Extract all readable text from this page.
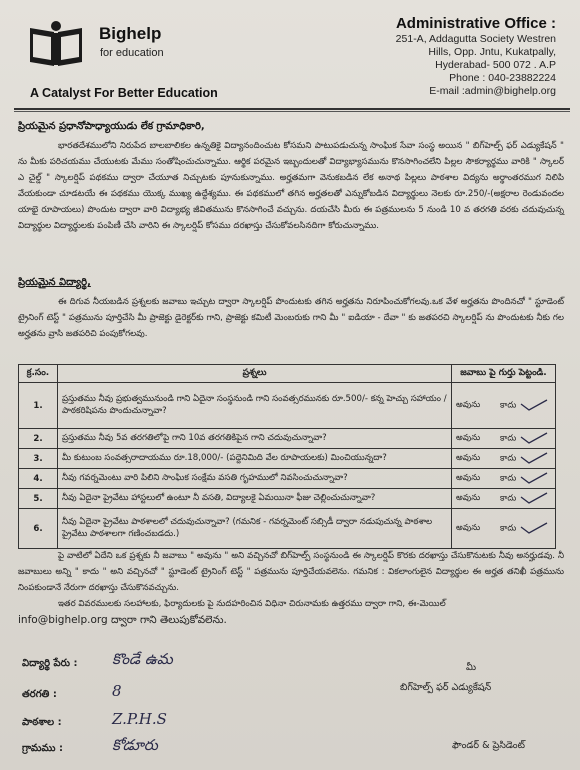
Bighelp
for education
A Catalyst For Better Education
Administrative Office :
251-A, Addagutta Society Westren
Hills, Opp. Jntu, Kukatpally,
Hyderabad- 500 072 . A.P
Phone : 040-23882224
E-mail :admin@bighelp.org
ప్రియమైన ప్రధానోపాధ్యాయుడు లేక గ్రామాధికారి,

భారతదేశములోని నిరుపేద బాలబాలికల ఉన్నతికై విద్యానందించుట కోసమని పాటుపడుచున్న సాంఘిక సేవా సంస్థ అయిన " బిగ్‌హెల్ప్ ఫర్ ఎడ్యుకేషన్ " ను మీకు పరిచయము చేయుటకు మేము సంతోషించుచున్నాము. ఆర్థిక పరమైన ఇబ్బందులతో విద్యాభ్యాసమును కొనసాగించలేని పిల్లల సౌకర్యార్థము వారికి " స్కాలర్ ఎ చైల్డ్ " స్కాలర్షిప్ పథకము ద్వారా చేయూత నిచ్చుటకు పూనుకున్నాము. అర్హతమగా వెనుకబడిన లేక అనాథ పిల్లలు పాఠశాల విద్యను అర్థాంతరముగ నిలిపి వేయకుండా చూడటయే ఈ పథకము యొక్క ముఖ్య ఉద్దేశ్యము. ఈ పథకములో తగిన అర్హతలతో ఎన్నుకోబడిన విద్యార్థులు నెలకు రూ.250/-(అక్షరాల రెండువందల యాభై రూపాయలు) పొందుట ద్వారా వారి విద్యాభ్య జీవితమును కొనసాగించే వచ్చును. దయచేసి మీరు ఈ పత్రములను 5 నుండి 10 వ తరగతి వరకు చదువుచున్న విద్యార్థుల విద్యార్థులకు పంపిణీ చేసి వారిని ఈ స్కాలర్షిప్ కోసము దరఖాస్తు చేసుకోవలసినదిగా కోరుచున్నాము.

ప్రియమైన విద్యార్థి,

ఈ దిగువ నీయబడిన ప్రశ్నలకు జవాబు ఇచ్చుట ద్వారా స్కాలర్షిప్ పొందుటకు తగిన అర్హతను నిరూపించుకోగలవు.ఒక వేళ అర్హతను పొందినచో " స్టూడెంట్ ట్రైనింగ్ టెస్ట్ " పత్రమును పూర్తిచేసి మీ ప్రాజెక్టు డైరెక్టర్‌కు గాని, ప్రాజెక్టు కమిటీ మెంబరుకు గాని మీ " ఐడియా - దేవా " కు జతపరచి స్కాలర్షిప్ ను పొందుటకు నీకు గల అర్హతను వ్రాసి జతపరిచి పంపుకోగలవు.

క్ర.సం.	ప్రశ్నలు	జవాబు పై గుర్తు పెట్టండి.
1.	ప్రస్తుతము నీవు ప్రభుత్వమునుండి గాని ఏదైనా సంస్థనుండి గాని సంవత్సరమునకు రూ.500/- కన్న హెచ్చు సహాయం / పాఠకరిషిపను పొందుచున్నావా?	అవును కాదు
2.	ప్రస్తుతము నీవు 5వ తరగతిలోపై గాని 10వ తరగతికిపైన గాని చదువుచున్నావా?	అవును కాదు
3.	మీ కుటుంబ సంవత్సరాదాయము రూ.18,000/- (పద్దెనిమిది వేల రూపాయలకు) మించియున్నదా?	అవును కాదు
4.	నీవు గవర్నమెంటు వారి పిలిని సాంఘిక సంక్షేమ వసతి గృహములో నివసించుచున్నావా?	అవును కాదు
5.	నీవు ఏదైనా ప్రైవేటు హాస్టలులో ఉంటూ నీ వసతి, విద్యాలకై ఏమయినా ఫీజు చెల్లించుచున్నావా?	అవును కాదు
6.	నీవు ఏదైనా ప్రైవేటు పాఠశాలలో చదువుచున్నావా? (గమనిక - గవర్నమెంట్ సబ్సిడీ ద్వారా నడుపుచున్న పాఠశాల ప్రైవేటు పాఠశాలగా గణించబడదు.)	అవును కాదు

పై వాటిలో ఏదేని ఒక ప్రశ్నకు నీ జవాబు " అవును " అని వచ్చినచో బిగ్‌హెల్ప్ సంస్థనుండి ఈ స్కాలర్షిప్ కొరకు దరఖాస్తు చేసుకొనుటకు నీవు అనర్హుడవు. నీ జవాబులు అన్ని " కాదు " అని వచ్చినచో " స్టూడెంట్ ట్రైనింగ్ టెస్ట్ " పత్రమును పూర్తిచేయవలెను. గమనిక : వికలాంగులైన విద్యార్థుల ఈ అర్హత తనిఖీ పత్రమును నింపకుండానే నేరుగా దరఖాస్తు చేసుకొనవచ్చును.

ఇతర వివరములకు సలహాలకు, ఫిర్యాదులకు పై నుదహరించిన విధినా చిరునామకు ఉత్తరము ద్వారా గాని, ఈ-మెయిల్

info@bighelp.org ద్వారా గాని తెలుపుకోవలెను.
విద్యార్థి పేరు : కొండే ఉమ
తరగతి :	8
పాఠశాల :	Z.P.H.S
గ్రామము :	కోడూరు
మీ
బిగ్‌హెల్ప్ ఫర్ ఎడ్యుకేషన్
ఫౌండర్ & ప్రెసిడెంట్
